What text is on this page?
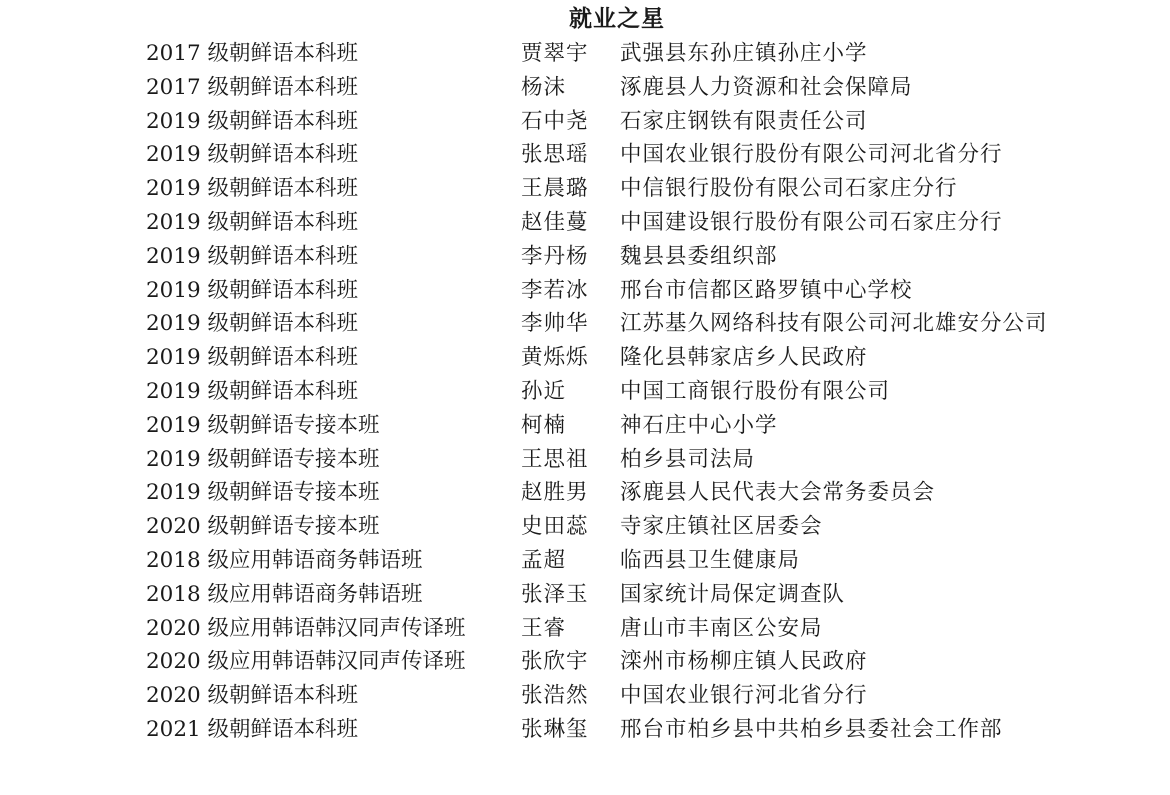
就业之星
2017 级朝鲜语本科班	贾翠宇 武强县东孙庄镇孙庄小学
2017 级朝鲜语本科班	杨沫	涿鹿县人力资源和社会保障局
2019 级朝鲜语本科班	石中尧 石家庄钢铁有限责任公司
2019 级朝鲜语本科班	张思瑶 中国农业银行股份有限公司河北省分行
2019 级朝鲜语本科班	王晨璐 中信银行股份有限公司石家庄分行
2019 级朝鲜语本科班	赵佳蔓 中国建设银行股份有限公司石家庄分行
2019 级朝鲜语本科班	李丹杨 魏县县委组织部
2019 级朝鲜语本科班	李若冰 邢台市信都区路罗镇中心学校
2019 级朝鲜语本科班	李帅华 江苏基久网络科技有限公司河北雄安分公司
2019 级朝鲜语本科班	黄烁烁 隆化县韩家店乡人民政府
2019 级朝鲜语本科班	孙近	中国工商银行股份有限公司
2019 级朝鲜语专接本班	柯楠	神石庄中心小学
2019 级朝鲜语专接本班	王思祖 柏乡县司法局
2019 级朝鲜语专接本班	赵胜男 涿鹿县人民代表大会常务委员会
2020 级朝鲜语专接本班	史田蕊 寺家庄镇社区居委会
2018 级应用韩语商务韩语班	孟超	临西县卫生健康局
2018 级应用韩语商务韩语班	张泽玉 国家统计局保定调查队
2020 级应用韩语韩汉同声传译班	王睿	唐山市丰南区公安局
2020 级应用韩语韩汉同声传译班	张欣宇 滦州市杨柳庄镇人民政府
2020 级朝鲜语本科班	张浩然 中国农业银行河北省分行
2021 级朝鲜语本科班	张琳玺 邢台市柏乡县中共柏乡县委社会工作部
